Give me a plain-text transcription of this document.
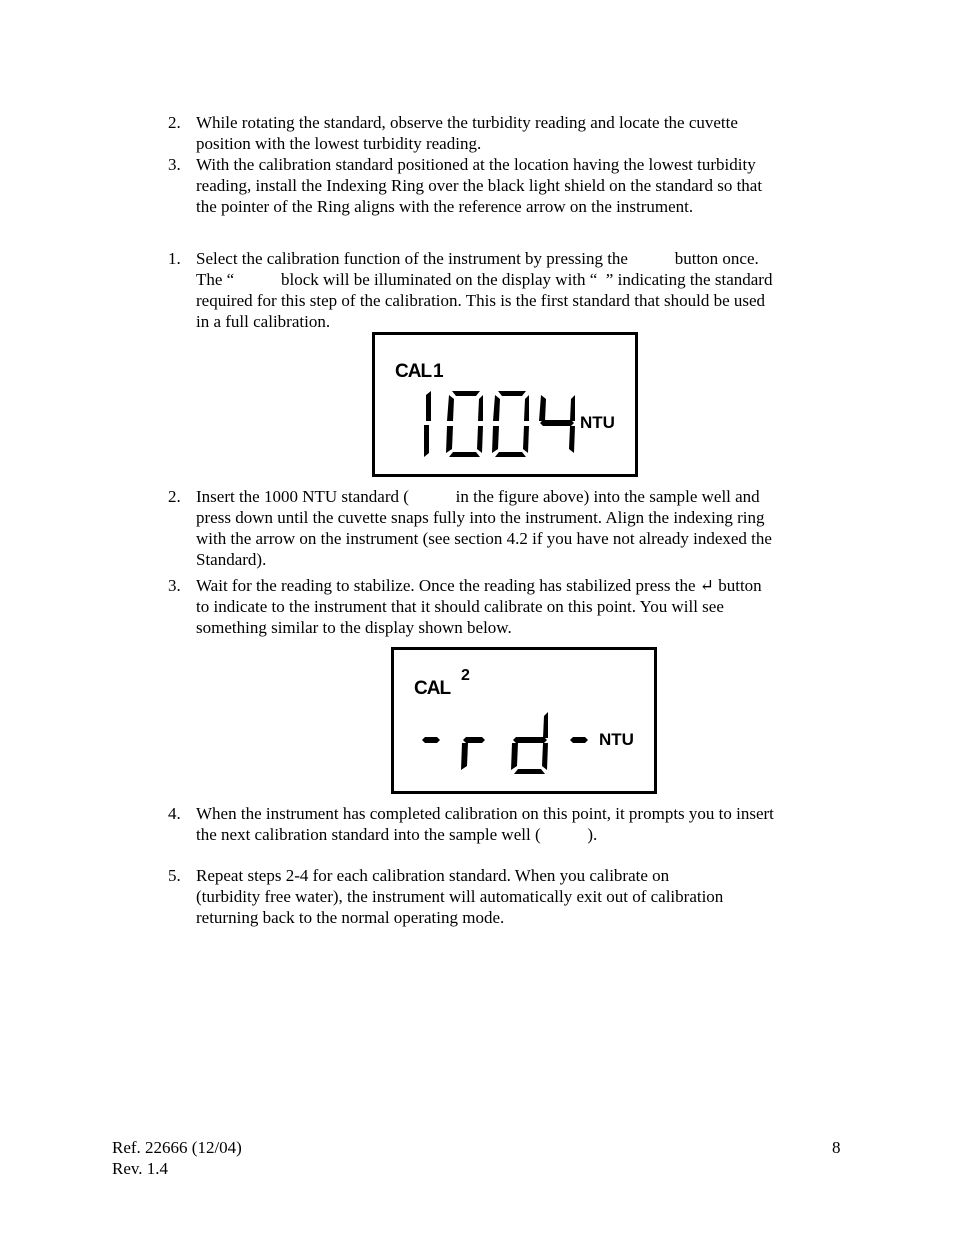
2. While rotating the standard, observe the turbidity reading and locate the cuvette
position with the lowest turbidity reading.
3. With the calibration standard positioned at the location having the lowest turbidity
reading, install the Indexing Ring over the black light shield on the standard so that
the pointer of the Ring aligns with the reference arrow on the instrument.
1. Select the calibration function of the instrument by pressing the           button once.
The “           block will be illuminated on the display with “  ” indicating the standard
required for this step of the calibration. This is the first standard that should be used
in a full calibration.
CAL 1
NTU
2. Insert the 1000 NTU standard (           in the figure above) into the sample well and
press down until the cuvette snaps fully into the instrument. Align the indexing ring
with the arrow on the instrument (see section 4.2 if you have not already indexed the
Standard).
3. Wait for the reading to stabilize. Once the reading has stabilized press the ↵ button
to indicate to the instrument that it should calibrate on this point. You will see
something similar to the display shown below.
CAL
2
NTU
4. When the instrument has completed calibration on this point, it prompts you to insert
the next calibration standard into the sample well (           ).
5. Repeat steps 2-4 for each calibration standard. When you calibrate on
(turbidity free water), the instrument will automatically exit out of calibration
returning back to the normal operating mode.
Ref. 22666 (12/04)
Rev. 1.4
8
